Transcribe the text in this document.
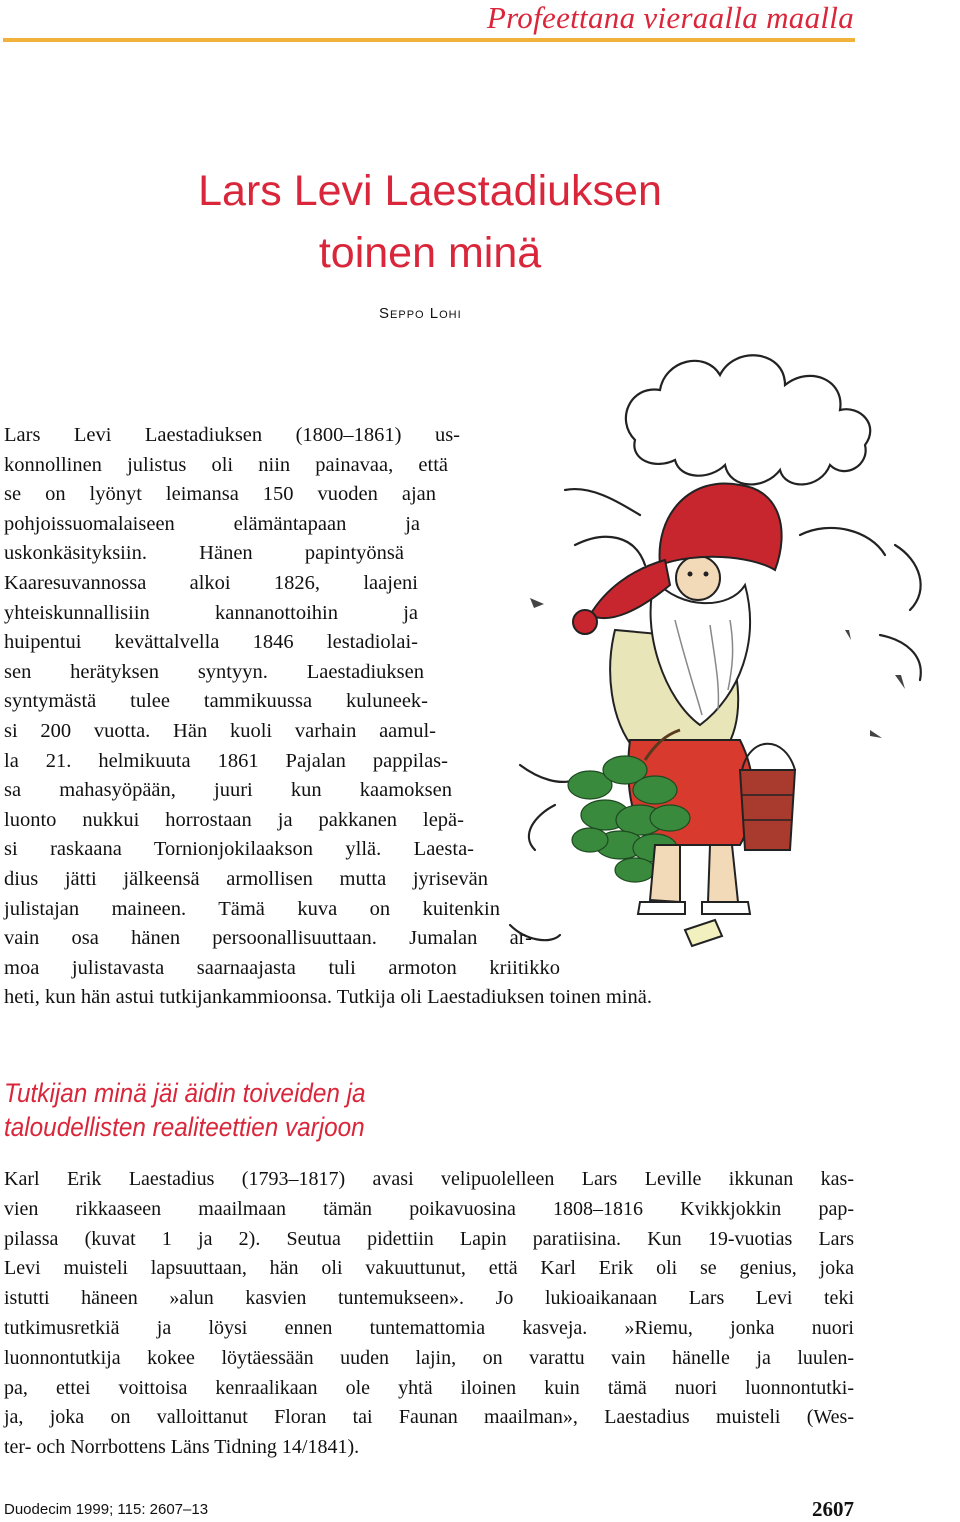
Profeettana vieraalla maalla
Lars Levi Laestadiuksen
toinen minä
SEPPO LOHI

Lars Levi Laestadiuksen (1800–1861) us-
konnollinen julistus oli niin painavaa, että
se on lyönyt leimansa 150 vuoden ajan
pohjoissuomalaiseen elämäntapaan ja
uskonkäsityksiin. Hänen papintyönsä
Kaaresuvannossa alkoi 1826, laajeni
yhteiskunnallisiin kannanottoihin ja
huipentui kevättalvella 1846 lestadiolai-
sen herätyksen syntyyn. Laestadiuksen
syntymästä tulee tammikuussa kuluneek-
si 200 vuotta. Hän kuoli varhain aamul-
la 21. helmikuuta 1861 Pajalan pappilas-
sa mahasyöpään, juuri kun kaamoksen
luonto nukkui horrostaan ja pakkanen lepä-
si raskaana Tornionjokilaakson yllä. Laesta-
dius jätti jälkeensä armollisen mutta jyrisevän
julistajan maineen. Tämä kuva on kuitenkin
vain osa hänen persoonallisuuttaan. Jumalan ar-
moa julistavasta saarnaajasta tuli armoton kriitikko
heti, kun hän astui tutkijankammioonsa. Tutkija oli Laestadiuksen toinen minä.

Tutkijan minä jäi äidin toiveiden ja
taloudellisten realiteettien varjoon

Karl Erik Laestadius (1793–1817) avasi velipuolelleen Lars Leville ikkunan kas-
vien rikkaaseen maailmaan tämän poikavuosina 1808–1816 Kvikkjokkin pap-
pilassa (kuvat 1 ja 2). Seutua pidettiin Lapin paratiisina. Kun 19-vuotias Lars
Levi muisteli lapsuuttaan, hän oli vakuuttunut, että Karl Erik oli se genius, joka
istutti häneen »alun kasvien tuntemukseen». Jo lukioaikanaan Lars Levi teki
tutkimusretkiä ja löysi ennen tuntemattomia kasveja. »Riemu, jonka nuori
luonnontutkija kokee löytäessään uuden lajin, on varattu vain hänelle ja luulen-
pa, ettei voittoisa kenraalikaan ole yhtä iloinen kuin tämä nuori luonnontutki-
ja, joka on valloittanut Floran tai Faunan maailman», Laestadius muisteli (Wes-
ter- och Norrbottens Läns Tidning 14/1841).

Duodecim 1999; 115: 2607–13	2607
